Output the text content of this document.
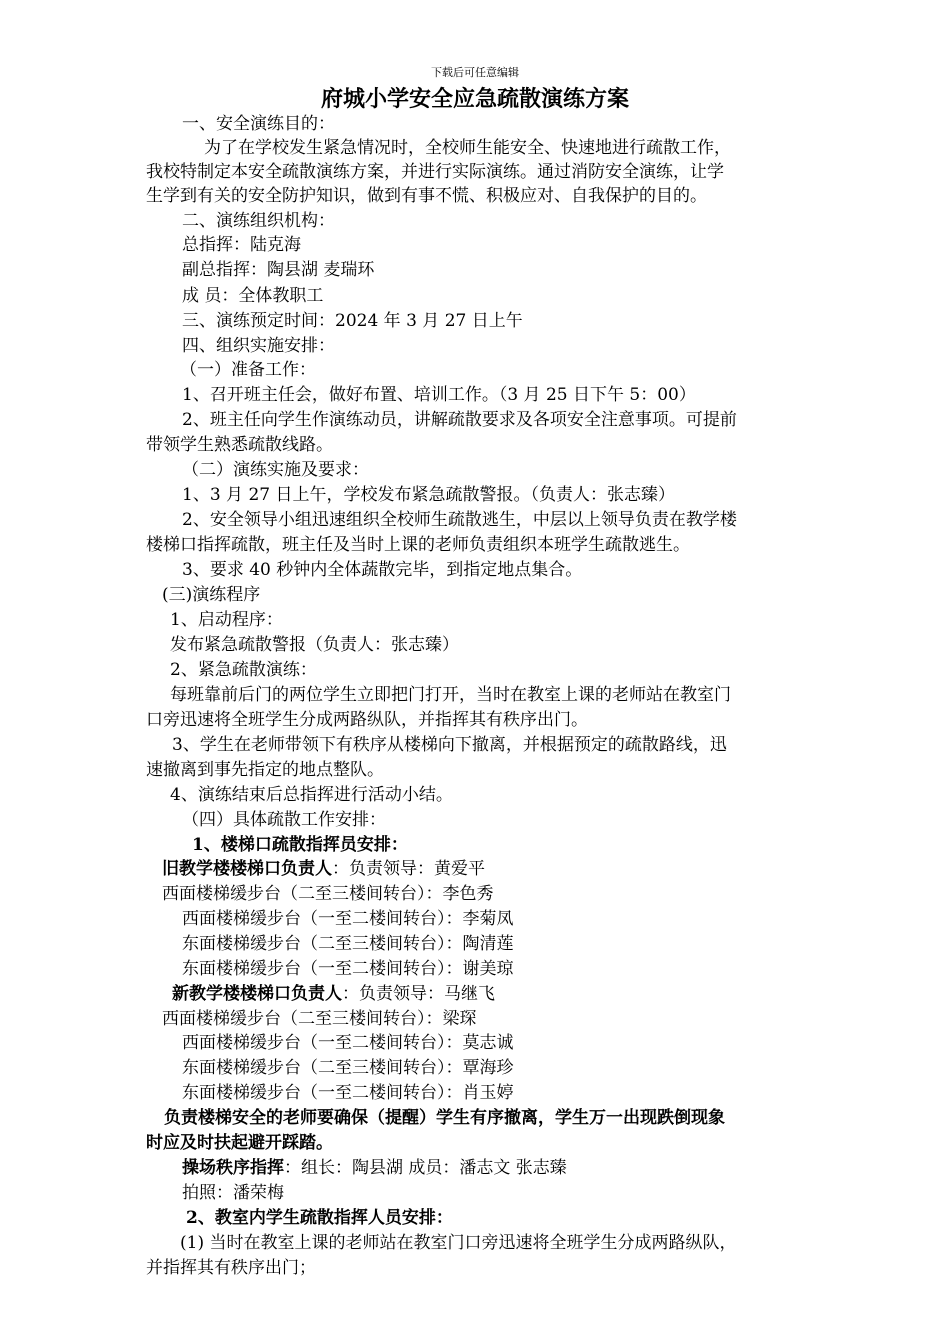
下载后可任意编辑
府城小学安全应急疏散演练方案
一、安全演练目的：
为了在学校发生紧急情况时，全校师生能安全、快速地进行疏散工作，
我校特制定本安全疏散演练方案，并进行实际演练。通过消防安全演练，让学
生学到有关的安全防护知识，做到有事不慌、积极应对、自我保护的目的。
二、演练组织机构：
总指挥：陆克海
副总指挥：陶县湖 麦瑞环
成 员：全体教职工
三、演练预定时间：2024 年 3 月 27 日上午
四、组织实施安排：
（一）准备工作：
1、召开班主任会，做好布置、培训工作。（3 月 25 日下午 5：00）
2、班主任向学生作演练动员，讲解疏散要求及各项安全注意事项。可提前
带领学生熟悉疏散线路。
（二）演练实施及要求：
1、3 月 27 日上午，学校发布紧急疏散警报。（负责人：张志臻）
2、安全领导小组迅速组织全校师生疏散逃生，中层以上领导负责在教学楼
楼梯口指挥疏散，班主任及当时上课的老师负责组织本班学生疏散逃生。
3、要求 40 秒钟内全体蔬散完毕，到指定地点集合。
(三)演练程序
1、启动程序：
发布紧急疏散警报（负责人：张志臻）
2、紧急疏散演练：
每班靠前后门的两位学生立即把门打开，当时在教室上课的老师站在教室门
口旁迅速将全班学生分成两路纵队，并指挥其有秩序出门。
3、学生在老师带领下有秩序从楼梯向下撤离，并根据预定的疏散路线，迅
速撤离到事先指定的地点整队。
4、演练结束后总指挥进行活动小结。
（四）具体疏散工作安排：
1、楼梯口疏散指挥员安排：
旧教学楼楼梯口负责人：负责领导：黄爱平
西面楼梯缓步台（二至三楼间转台）：李色秀
西面楼梯缓步台（一至二楼间转台）：李菊凤
东面楼梯缓步台（二至三楼间转台）：陶清莲
东面楼梯缓步台（一至二楼间转台）：谢美琼
新教学楼楼梯口负责人：负责领导：马继飞
西面楼梯缓步台（二至三楼间转台）：梁琛
西面楼梯缓步台（一至二楼间转台）：莫志诚
东面楼梯缓步台（二至三楼间转台）：覃海珍
东面楼梯缓步台（一至二楼间转台）：肖玉婷
负责楼梯安全的老师要确保（提醒）学生有序撤离，学生万一出现跌倒现象
时应及时扶起避开踩踏。
操场秩序指挥：组长：陶县湖 成员：潘志文 张志臻
拍照：潘荣梅
2、教室内学生疏散指挥人员安排：
(1) 当时在教室上课的老师站在教室门口旁迅速将全班学生分成两路纵队，
并指挥其有秩序出门；
